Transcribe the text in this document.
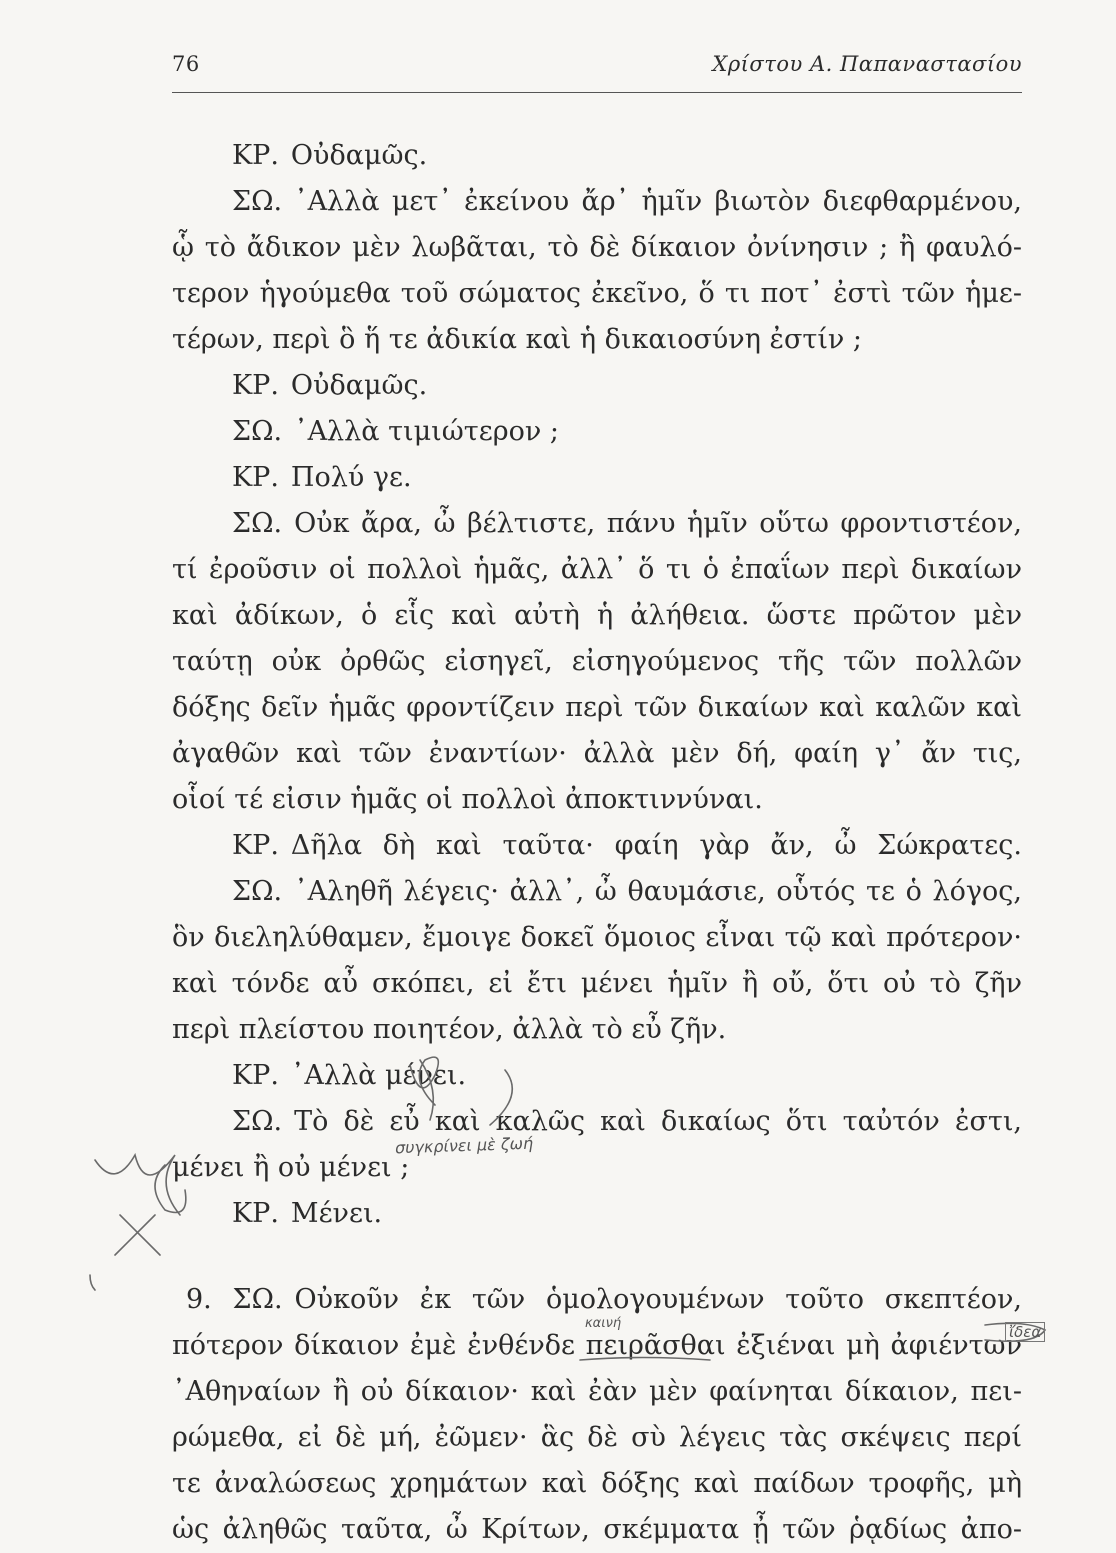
76	Χρίστου Α. Παπαναστασίου
ΚΡ. Οὐδαμῶς.
ΣΩ. ᾿Αλλὰ μετ᾿ ἐκείνου ἄρ᾿ ἡμῖν βιωτὸν διεφθαρμένου,
ᾧ τὸ ἄδικον μὲν λωβᾶται, τὸ δὲ δίκαιον ὀνίνησιν ; ἢ φαυλό-
τερον ἡγούμεθα τοῦ σώματος ἐκεῖνο, ὅ τι ποτ᾿ ἐστὶ τῶν ἡμε-
τέρων, περὶ ὃ ἥ τε ἀδικία καὶ ἡ δικαιοσύνη ἐστίν ;
ΚΡ. Οὐδαμῶς.
ΣΩ. ᾿Αλλὰ τιμιώτερον ;
ΚΡ. Πολύ γε.
ΣΩ. Οὐκ ἄρα, ὦ βέλτιστε, πάνυ ἡμῖν οὕτω φροντιστέον,
τί ἐροῦσιν οἱ πολλοὶ ἡμᾶς, ἀλλ᾿ ὅ τι ὁ ἐπαΐων περὶ δικαίων
καὶ ἀδίκων, ὁ εἷς καὶ αὐτὴ ἡ ἀλήθεια. ὥστε πρῶτον μὲν
ταύτῃ οὐκ ὀρθῶς εἰσηγεῖ, εἰσηγούμενος τῆς τῶν πολλῶν
δόξης δεῖν ἡμᾶς φροντίζειν περὶ τῶν δικαίων καὶ καλῶν καὶ
ἀγαθῶν καὶ τῶν ἐναντίων· ἀλλὰ μὲν δή, φαίη γ᾿ ἄν τις,
οἷοί τέ εἰσιν ἡμᾶς οἱ πολλοὶ ἀποκτιννύναι.
ΚΡ. Δῆλα δὴ καὶ ταῦτα· φαίη γὰρ ἄν, ὦ Σώκρατες.
ΣΩ. ᾿Αληθῆ λέγεις· ἀλλ᾿, ὦ θαυμάσιε, οὗτός τε ὁ λόγος,
ὃν διεληλύθαμεν, ἔμοιγε δοκεῖ ὅμοιος εἶναι τῷ καὶ πρότερον·
καὶ τόνδε αὖ σκόπει, εἰ ἔτι μένει ἡμῖν ἢ οὔ, ὅτι οὐ τὸ ζῆν
περὶ πλείστου ποιητέον, ἀλλὰ τὸ εὖ ζῆν.
ΚΡ. ᾿Αλλὰ μένει.
ΣΩ. Τὸ δὲ εὖ καὶ καλῶς καὶ δικαίως ὅτι ταὐτόν ἐστι,
μένει ἢ οὐ μένει ;
ΚΡ. Μένει.
9. ΣΩ. Οὐκοῦν ἐκ τῶν ὁμολογουμένων τοῦτο σκεπτέον,
πότερον δίκαιον ἐμὲ ἐνθένδε πειρᾶσθαι ἐξιέναι μὴ ἀφιέντων
᾿Αθηναίων ἢ οὐ δίκαιον· καὶ ἐὰν μὲν φαίνηται δίκαιον, πει-
ρώμεθα, εἰ δὲ μή, ἐῶμεν· ἃς δὲ σὺ λέγεις τὰς σκέψεις περί
τε ἀναλώσεως χρημάτων καὶ δόξης καὶ παίδων τροφῆς, μὴ
ὡς ἀληθῶς ταῦτα, ὦ Κρίτων, σκέμματα ᾖ τῶν ῥᾳδίως ἀπο-
συγκρίνει μὲ ζωή
καινή	ἴδεα
